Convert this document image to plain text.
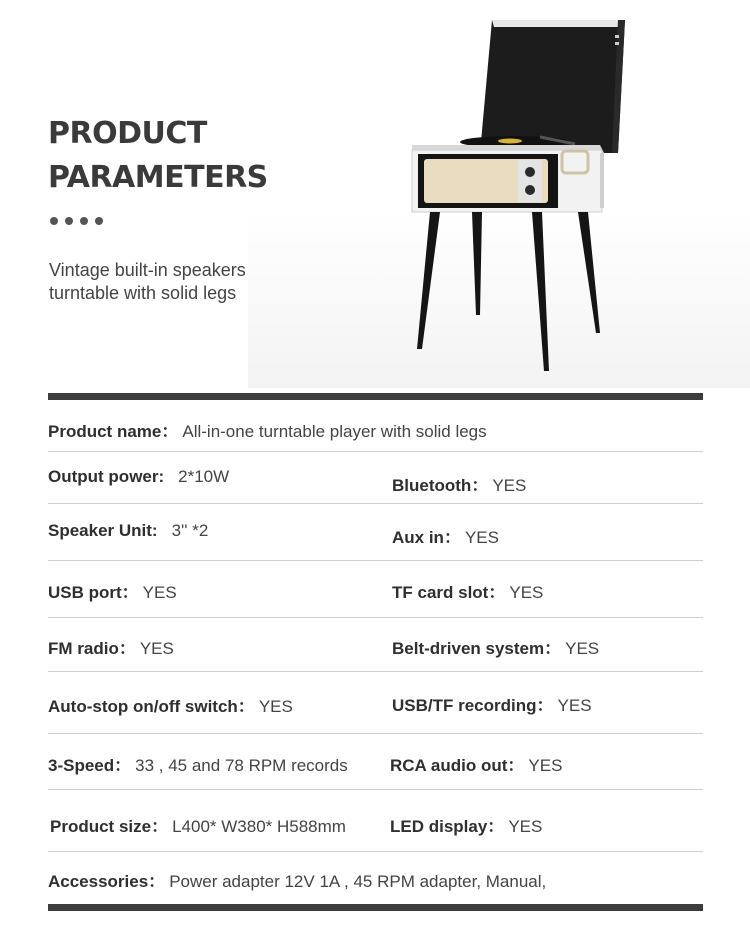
PRODUCT
PARAMETERS

Vintage built-in speakers
turntable with solid legs

Product name： All-in-one turntable player with solid legs
Output power: 2*10W	Bluetooth： YES
Speaker Unit: 3'' *2	Aux in： YES
USB port： YES	TF card slot： YES
FM radio： YES	Belt-driven system： YES
Auto-stop on/off switch： YES	USB/TF recording： YES
3-Speed： 33 , 45 and 78 RPM records RCA audio out： YES
Product size： L400* W380* H588mm	LED display： YES
Accessories： Power adapter 12V 1A , 45 RPM adapter, Manual,
